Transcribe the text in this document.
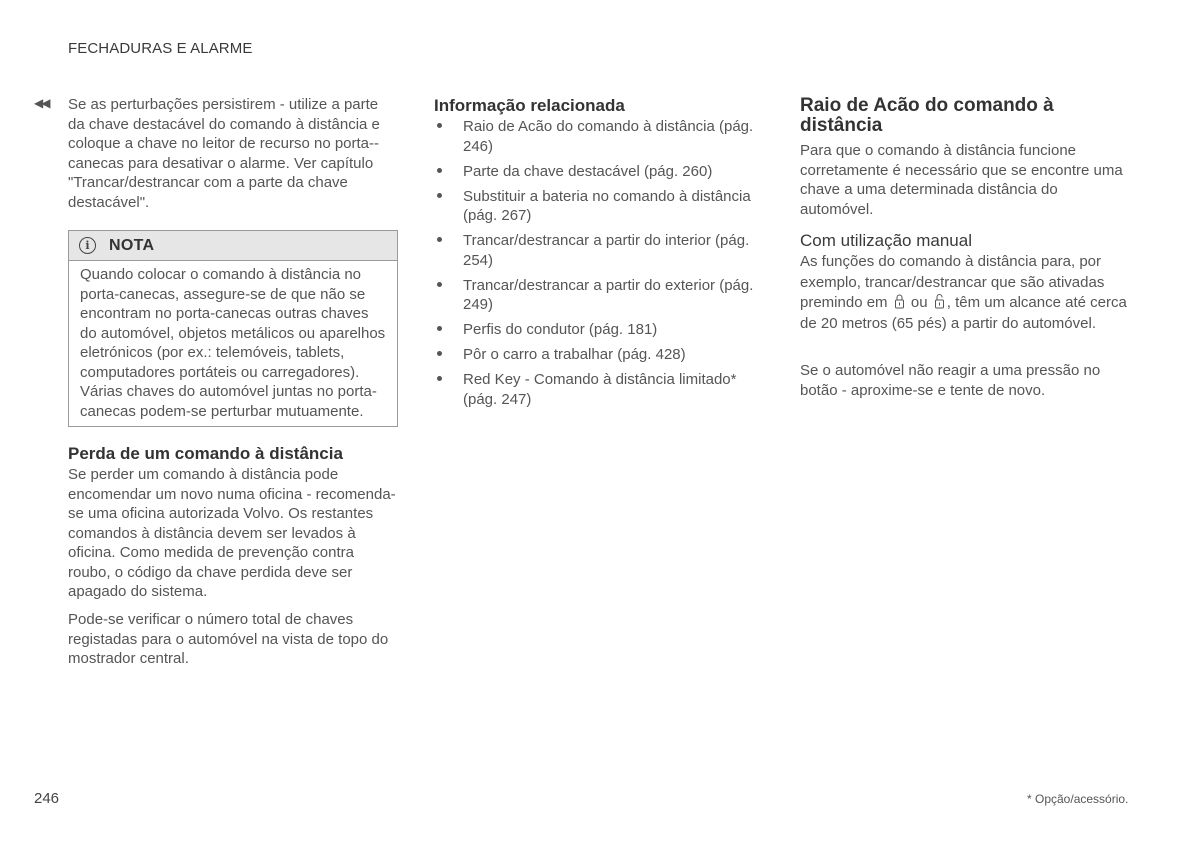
FECHADURAS E ALARME
◀◀ Se as perturbações persistirem - utilize a parte da chave destacável do comando à distância e coloque a chave no leitor de recurso no porta--canecas para desativar o alarme. Ver capítulo "Trancar/destrancar com a parte da chave destacável".

i	NOTA

Quando colocar o comando à distância no porta-canecas, assegure-se de que não se encontram no porta-canecas outras chaves do automóvel, objetos metálicos ou aparelhos eletrónicos (por ex.: telemóveis, tablets, computadores portáteis ou carregadores). Várias chaves do automóvel juntas no porta-canecas podem-se perturbar mutuamente.

Perda de um comando à distância

Se perder um comando à distância pode encomendar um novo numa oficina - recomenda-se uma oficina autorizada Volvo. Os restantes comandos à distância devem ser levados à oficina. Como medida de prevenção contra roubo, o código da chave perdida deve ser apagado do sistema.

Pode-se verificar o número total de chaves registadas para o automóvel na vista de topo do mostrador central.

Informação relacionada
Raio de Acão do comando à distância (pág. 246)
Parte da chave destacável (pág. 260)
Substituir a bateria no comando à distância (pág. 267)
Trancar/destrancar a partir do interior (pág. 254)
Trancar/destrancar a partir do exterior (pág. 249)
Perfis do condutor (pág. 181)
Pôr o carro a trabalhar (pág. 428)
Red Key - Comando à distância limitado* (pág. 247)
Raio de Acão do comando à distância

Para que o comando à distância funcione corretamente é necessário que se encontre uma chave a uma determinada distância do automóvel.

Com utilização manual

As funções do comando à distância para, por exemplo, trancar/destrancar que são ativadas premindo em ou , têm um alcance até cerca de 20 metros (65 pés) a partir do automóvel.

Se o automóvel não reagir a uma pressão no botão - aproxime-se e tente de novo.

246	* Opção/acessório.
